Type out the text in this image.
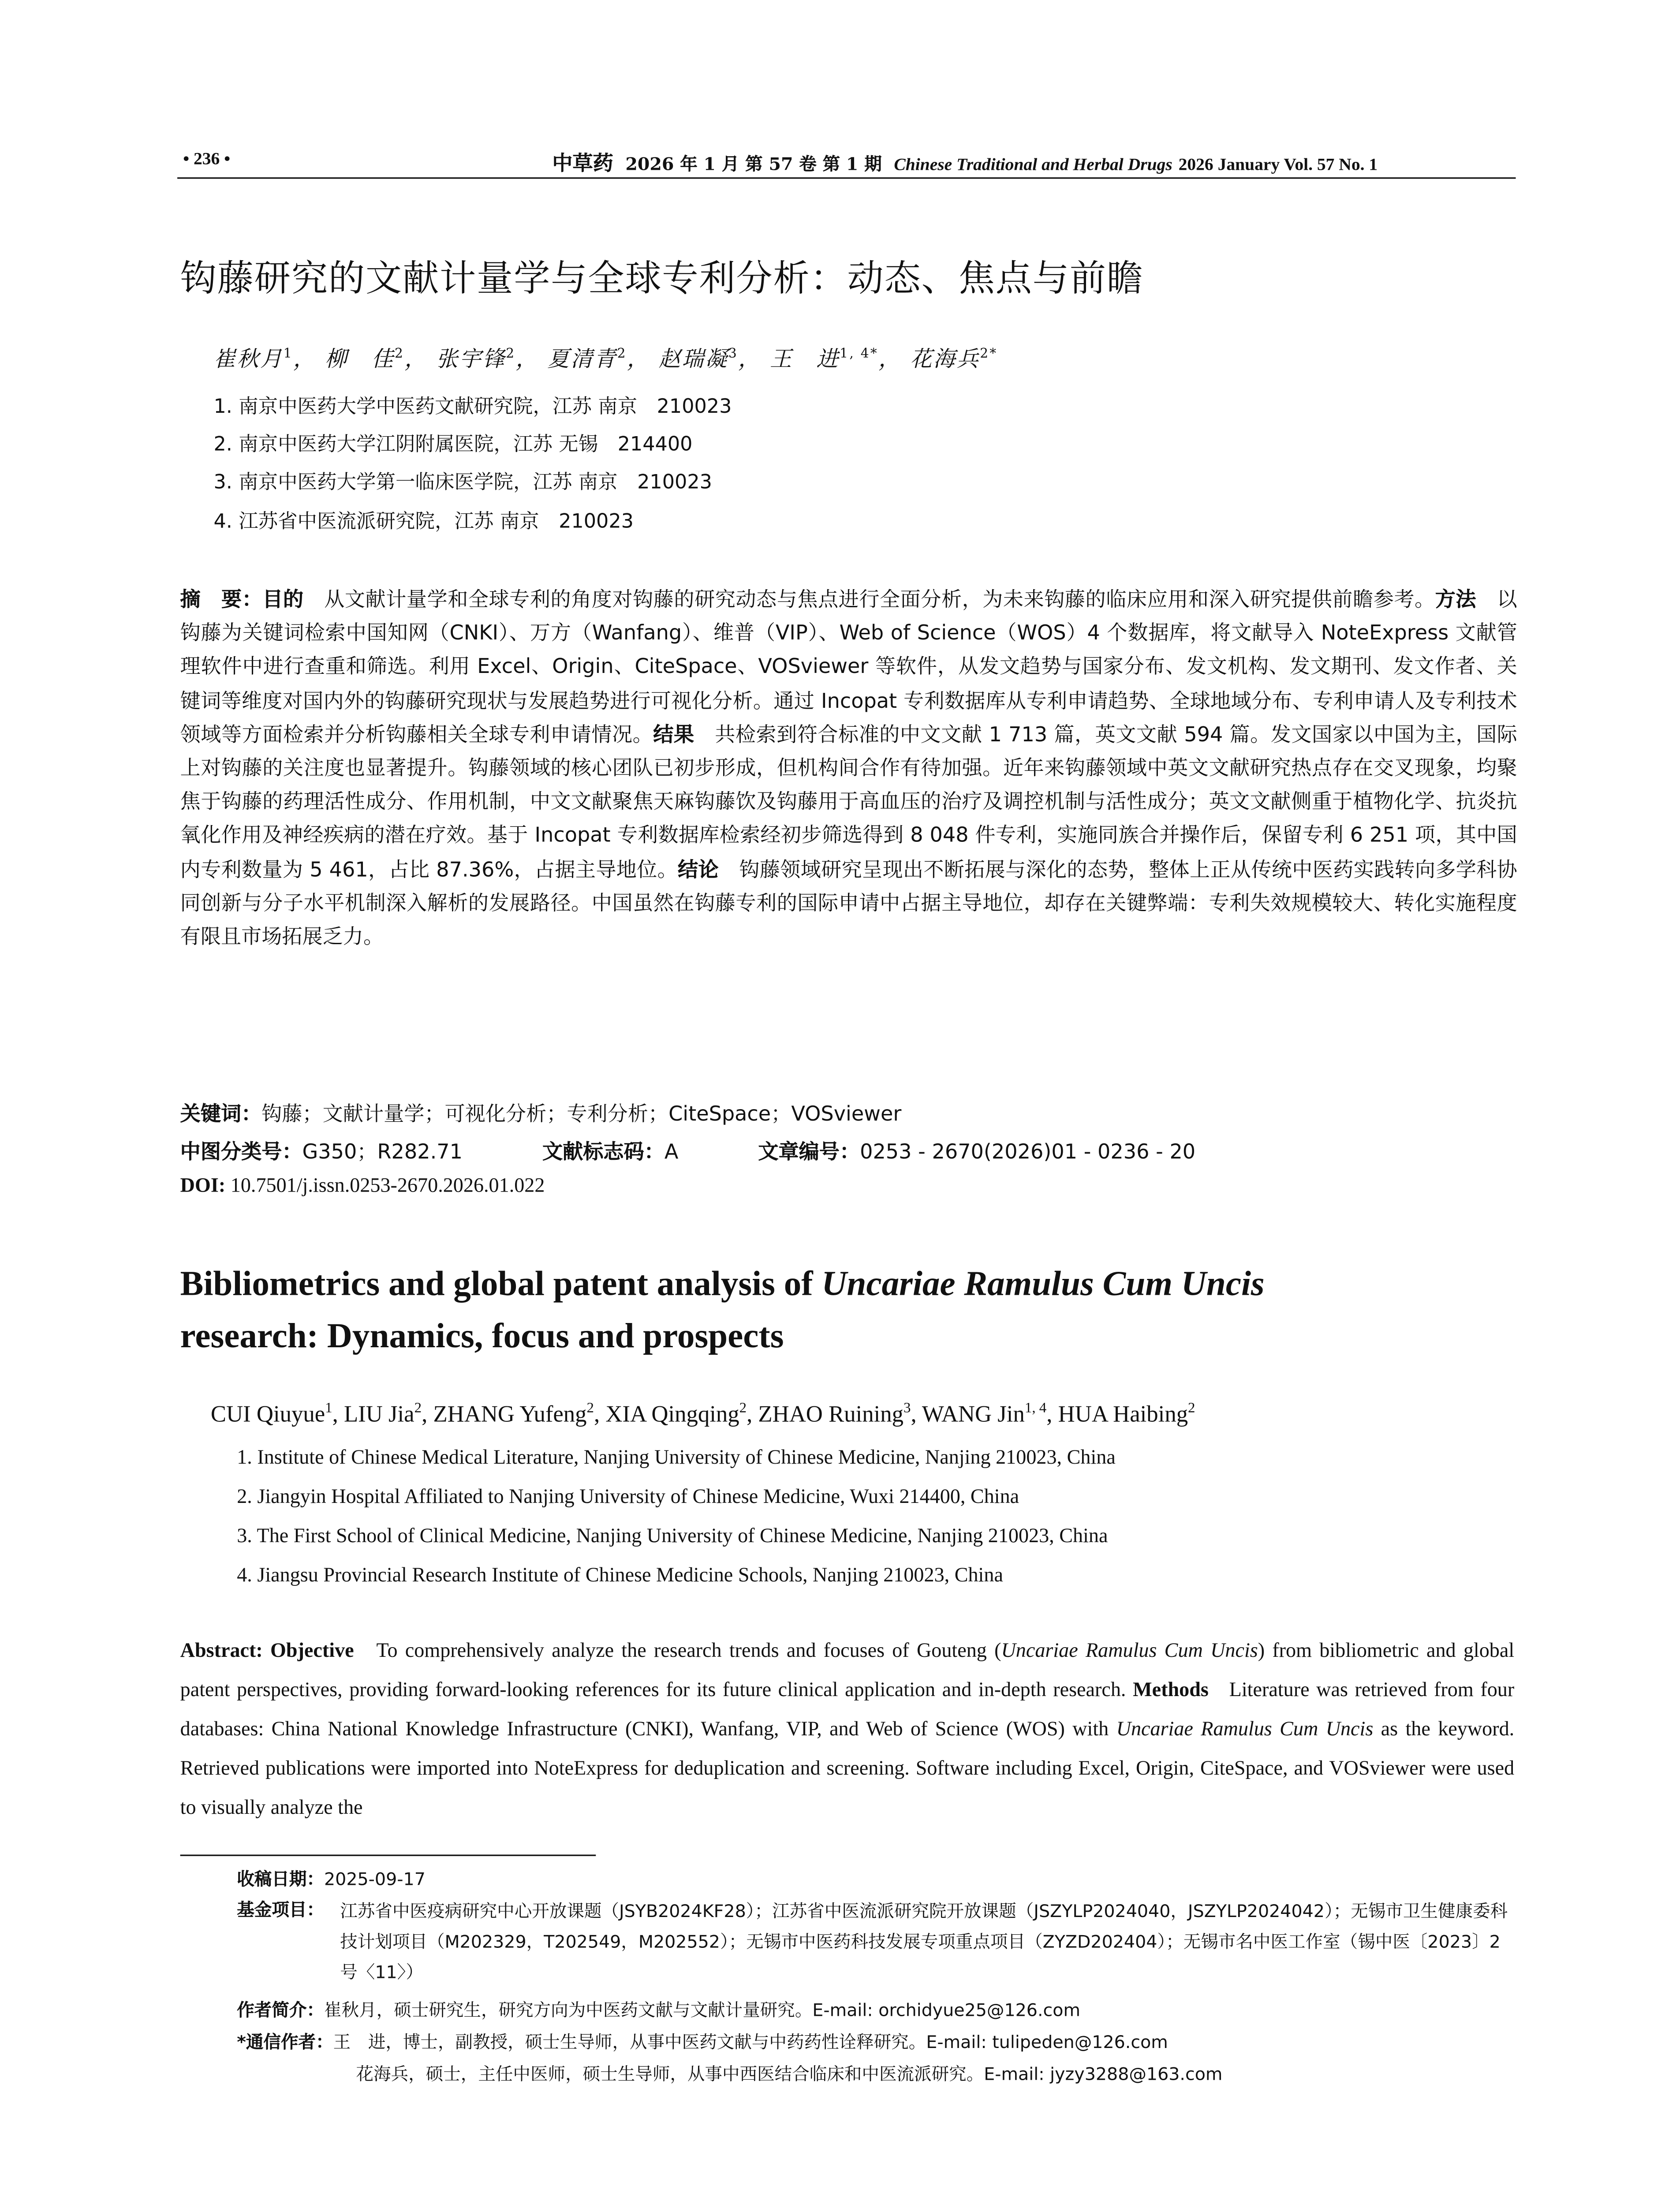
• 236 •	中草药 2026 年 1 月 第 57 卷 第 1 期 Chinese Traditional and Herbal Drugs 2026 January Vol. 57 No. 1
钩藤研究的文献计量学与全球专利分析：动态、焦点与前瞻
崔秋月$^1$， 柳　佳$^2$， 张宇锋$^2$， 夏清青$^2$， 赵瑞凝$^3$， 王　进$^{1, 4*}$， 花海兵$^{2*}$
1. 南京中医药大学中医药文献研究院，江苏 南京　210023
2. 南京中医药大学江阴附属医院，江苏 无锡　214400
3. 南京中医药大学第一临床医学院，江苏 南京　210023
4. 江苏省中医流派研究院，江苏 南京　210023
摘　要：目的　	从文献计量学和全球专利的角度对钩藤的研究动态与焦点进行全面分析，为未来钩藤的临床应用和深入研究提供前瞻参考。方法　	以钩藤为关键词检索中国知网（CNKI）、万方（Wanfang）、维普（VIP）、Web of Science（WOS）4 个数据库，将文献导入 NoteExpress 文献管理软件中进行查重和筛选。利用 Excel、Origin、CiteSpace、VOSviewer 等软件，从发文趋势与国家分布、发文机构、发文期刊、发文作者、关键词等维度对国内外的钩藤研究现状与发展趋势进行可视化分析。通过 Incopat 专利数据库从专利申请趋势、全球地域分布、专利申请人及专利技术领域等方面检索并分析钩藤相关全球专利申请情况。结果　	共检索到符合标准的中文文献 1 713 篇，英文文献 594 篇。发文国家以中国为主，国际上对钩藤的关注度也显著提升。钩藤领域的核心团队已初步形成，但机构间合作有待加强。近年来钩藤领域中英文文献研究热点存在交叉现象，均聚焦于钩藤的药理活性成分、作用机制，中文文献聚焦天麻钩藤饮及钩藤用于高血压的治疗及调控机制与活性成分；英文文献侧重于植物化学、抗炎抗氧化作用及神经疾病的潜在疗效。基于 Incopat 专利数据库检索经初步筛选得到 8 048 件专利，实施同族合并操作后，保留专利 6 251 项，其中国内专利数量为 5 461，占比 87.36%，占据主导地位。结论　	钩藤领域研究呈现出不断拓展与深化的态势，整体上正从传统中医药实践转向多学科协同创新与分子水平机制深入解析的发展路径。中国虽然在钩藤专利的国际申请中占据主导地位，却存在关键弊端：专利失效规模较大、转化实施程度有限且市场拓展乏力。
关键词：钩藤；文献计量学；可视化分析；专利分析；CiteSpace；VOSviewer
中图分类号：G350；R282.71	文献标志码：A	文章编号：0253 - 2670(2026)01 - 0236 - 20
DOI: 10.7501/j.issn.0253-2670.2026.01.022
Bibliometrics and global patent analysis of Uncariae Ramulus Cum Uncis
research: Dynamics, focus and prospects
CUI Qiuyue$^1$, LIU Jia$^2$, ZHANG Yufeng$^2$, XIA Qingqing$^2$, ZHAO Ruining$^3$, WANG Jin$^{1, 4}$, HUA Haibing$^2$
1. Institute of Chinese Medical Literature, Nanjing University of Chinese Medicine, Nanjing 210023, China
2. Jiangyin Hospital Affiliated to Nanjing University of Chinese Medicine, Wuxi 214400, China
3. The First School of Clinical Medicine, Nanjing University of Chinese Medicine, Nanjing 210023, China
4. Jiangsu Provincial Research Institute of Chinese Medicine Schools, Nanjing 210023, China
Abstract: Objective	To comprehensively analyze the research trends and focuses of Gouteng (Uncariae Ramulus Cum Uncis) from bibliometric and global patent perspectives, providing forward-looking references for its future clinical application and in-depth research. Methods	Literature was retrieved from four databases: China National Knowledge Infrastructure (CNKI), Wanfang, VIP, and Web of Science (WOS) with Uncariae Ramulus Cum Uncis as the keyword. Retrieved publications were imported into NoteExpress for deduplication and screening. Software including Excel, Origin, CiteSpace, and VOSviewer were used to visually analyze the
收稿日期：2025-09-17
基金项目：	江苏省中医疫病研究中心开放课题（JSYB2024KF28）；江苏省中医流派研究院开放课题（JSZYLP2024040，JSZYLP2024042）；无锡市卫生健康委科技计划项目（M202329，T202549，M202552）；无锡市中医药科技发展专项重点项目（ZYZD202404）；无锡市名中医工作室（锡中医〔2023〕2 号〈11〉）
作者简介：崔秋月，硕士研究生，研究方向为中医药文献与文献计量研究。E-mail: orchidyue25@126.com
*通信作者：王　进，博士，副教授，硕士生导师，从事中医药文献与中药药性诠释研究。E-mail: tulipeden@126.com
花海兵，硕士，主任中医师，硕士生导师，从事中西医结合临床和中医流派研究。E-mail: jyzy3288@163.com
